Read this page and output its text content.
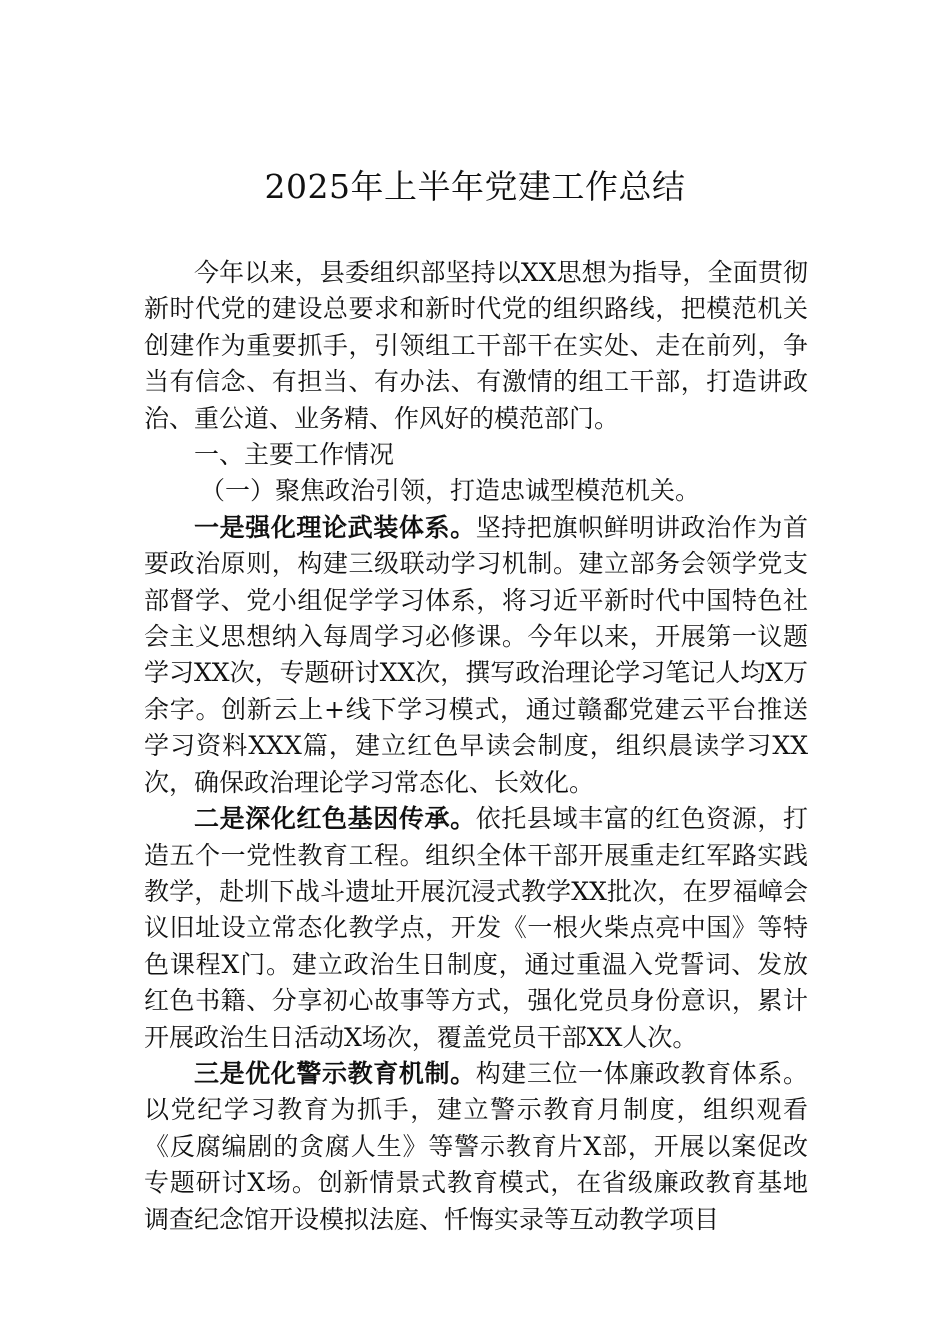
2025年上半年党建工作总结

今年以来，县委组织部坚持以XX思想为指导，全面贯彻新时代党的建设总要求和新时代党的组织路线，把模范机关创建作为重要抓手，引领组工干部干在实处、走在前列，争当有信念、有担当、有办法、有激情的组工干部，打造讲政治、重公道、业务精、作风好的模范部门。

一、主要工作情况

（一）聚焦政治引领，打造忠诚型模范机关。

一是强化理论武装体系。坚持把旗帜鲜明讲政治作为首要政治原则，构建三级联动学习机制。建立部务会领学党支部督学、党小组促学学习体系，将习近平新时代中国特色社会主义思想纳入每周学习必修课。今年以来，开展第一议题学习XX次，专题研讨XX次，撰写政治理论学习笔记人均X万余字。创新云上+线下学习模式，通过赣鄱党建云平台推送学习资料XXX篇，建立红色早读会制度，组织晨读学习XX次，确保政治理论学习常态化、长效化。

二是深化红色基因传承。依托县域丰富的红色资源，打造五个一党性教育工程。组织全体干部开展重走红军路实践教学，赴圳下战斗遗址开展沉浸式教学XX批次，在罗福嶂会议旧址设立常态化教学点，开发《一根火柴点亮中国》等特色课程X门。建立政治生日制度，通过重温入党誓词、发放红色书籍、分享初心故事等方式，强化党员身份意识，累计开展政治生日活动X场次，覆盖党员干部XX人次。

三是优化警示教育机制。构建三位一体廉政教育体系。以党纪学习教育为抓手，建立警示教育月制度，组织观看《反腐编剧的贪腐人生》等警示教育片X部，开展以案促改专题研讨X场。创新情景式教育模式，在省级廉政教育基地调查纪念馆开设模拟法庭、忏悔实录等互动教学项目
